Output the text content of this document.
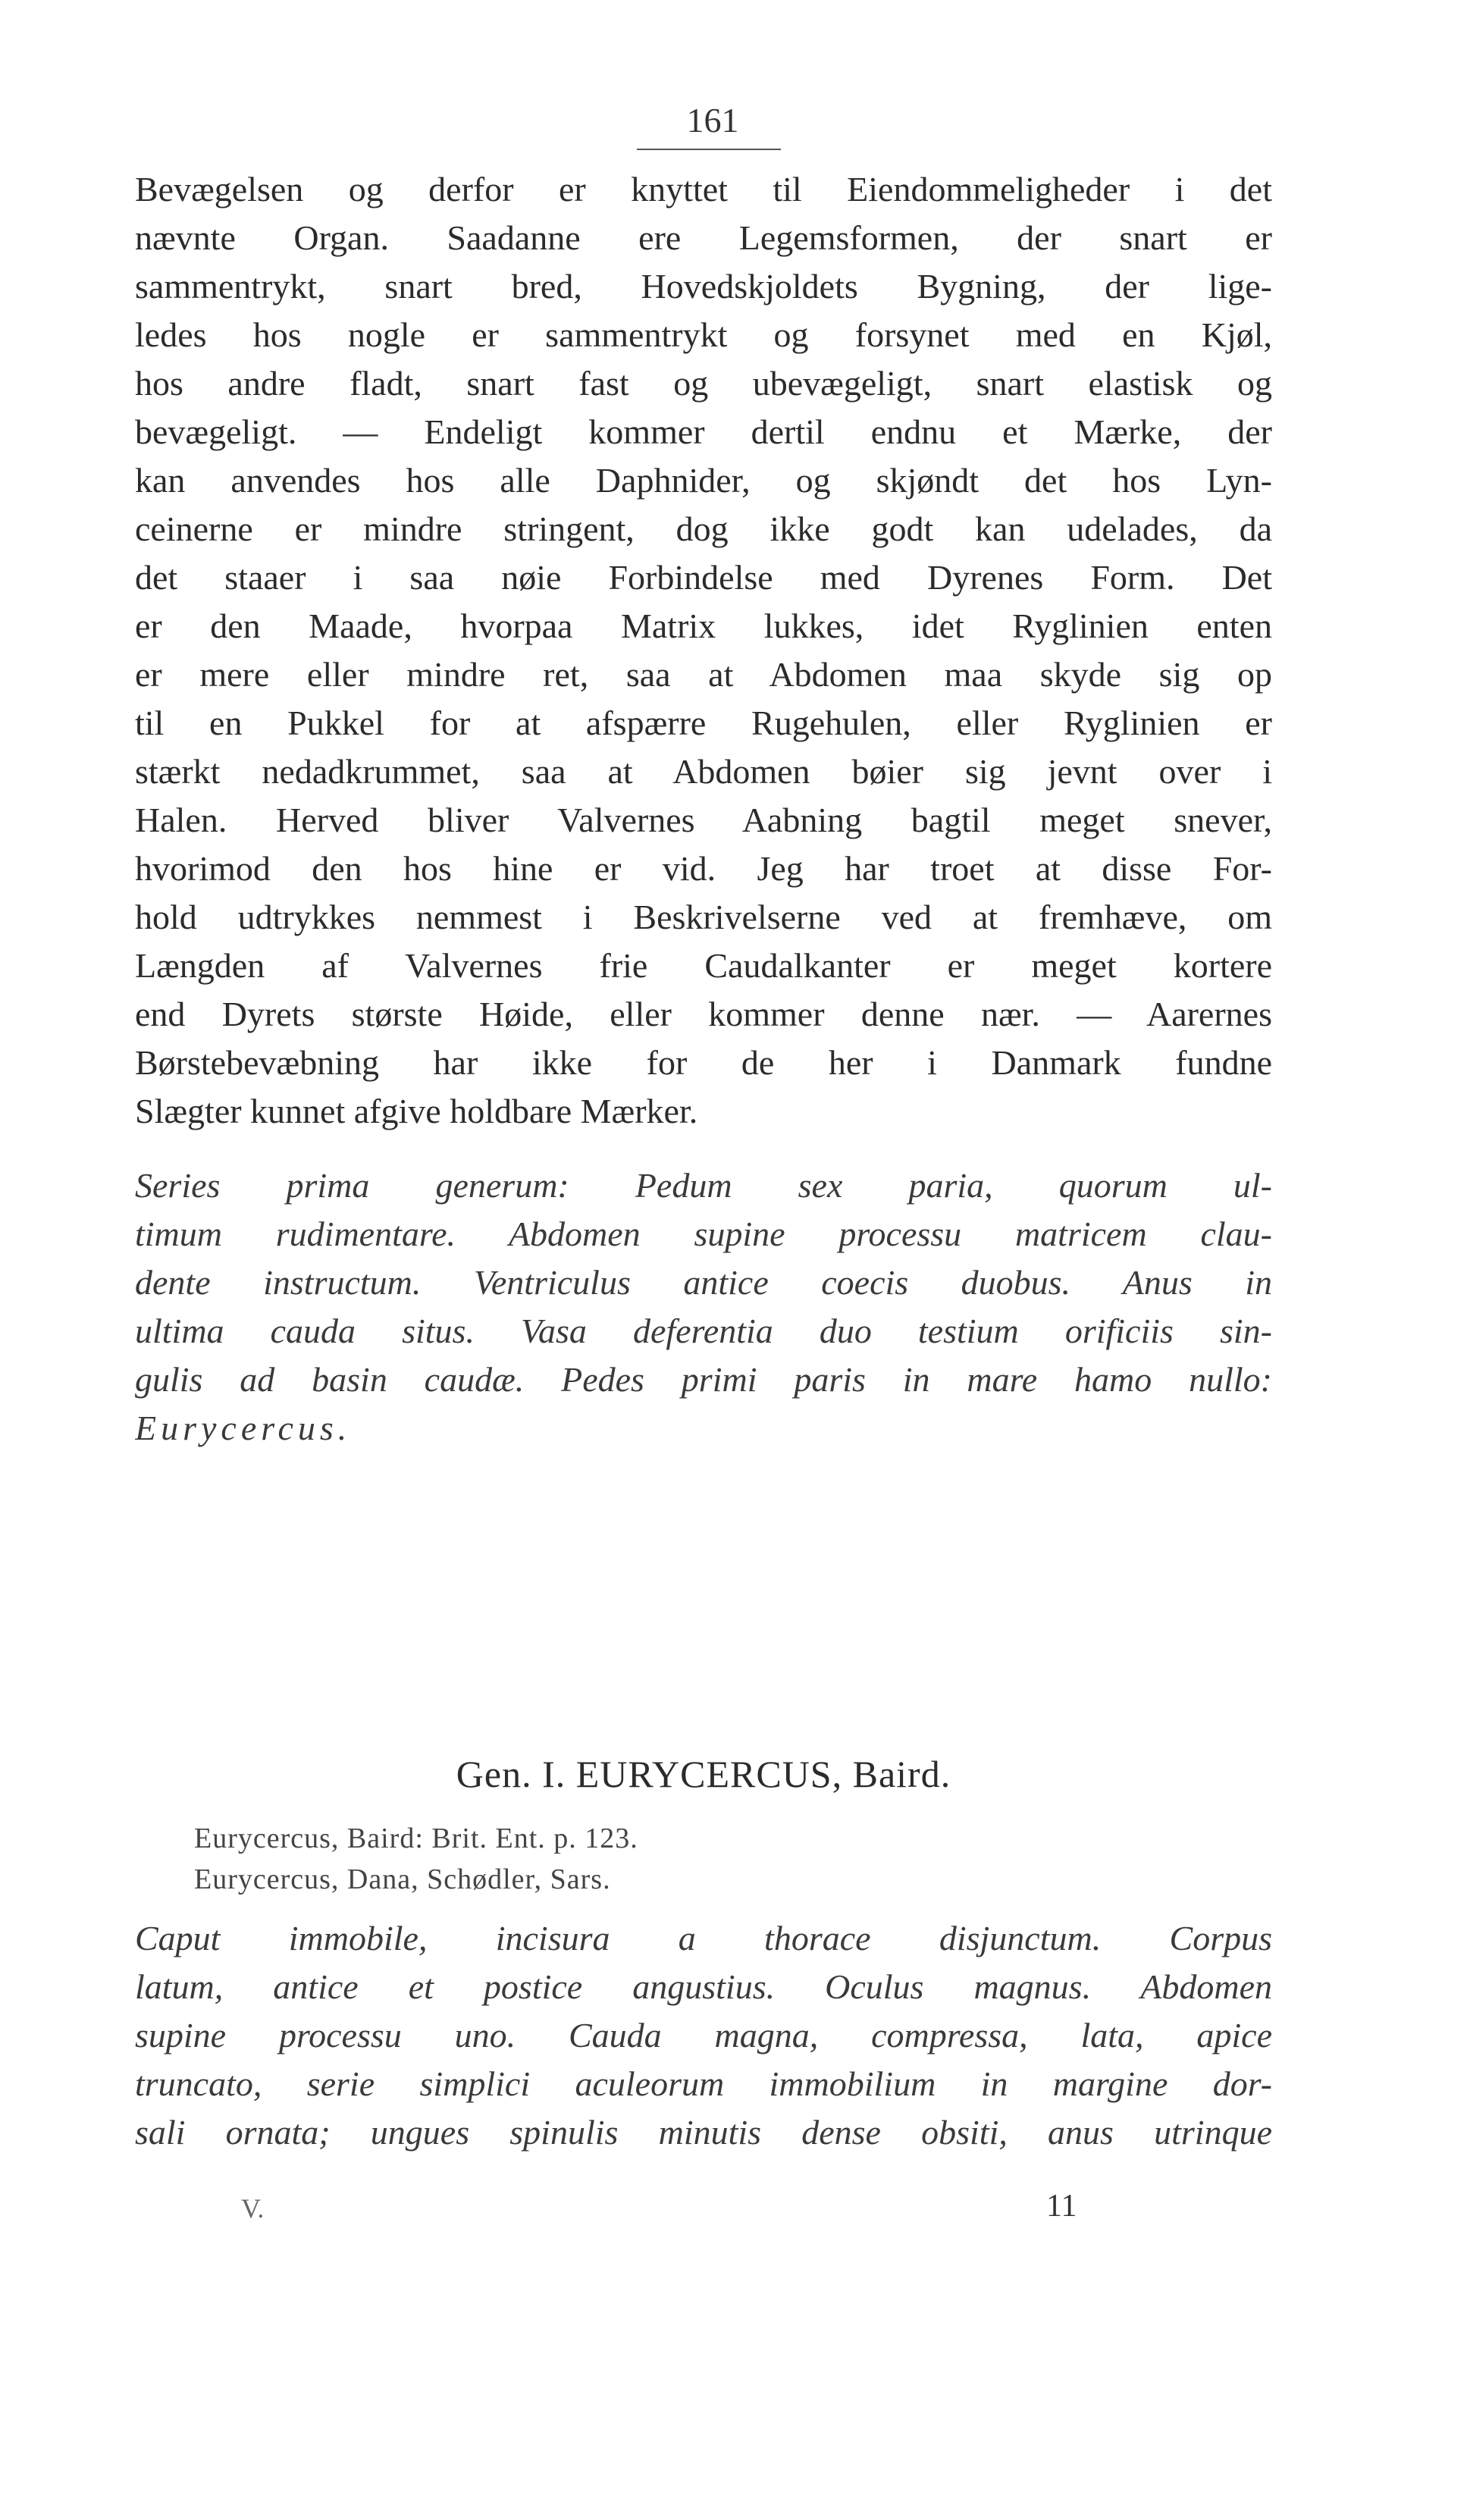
161
Bevægelsen og derfor er knyttet til Eiendommeligheder i det
nævnte Organ. Saadanne ere Legemsformen, der snart er
sammentrykt, snart bred, Hovedskjoldets Bygning, der lige-
ledes hos nogle er sammentrykt og forsynet med en Kjøl,
hos andre fladt, snart fast og ubevægeligt, snart elastisk og
bevægeligt. — Endeligt kommer dertil endnu et Mærke, der
kan anvendes hos alle Daphnider, og skjøndt det hos Lyn-
ceinerne er mindre stringent, dog ikke godt kan udelades, da
det staaer i saa nøie Forbindelse med Dyrenes Form. Det
er den Maade, hvorpaa Matrix lukkes, idet Ryglinien enten
er mere eller mindre ret, saa at Abdomen maa skyde sig op
til en Pukkel for at afspærre Rugehulen, eller Ryglinien er
stærkt nedadkrummet, saa at Abdomen bøier sig jevnt over i
Halen. Herved bliver Valvernes Aabning bagtil meget snever,
hvorimod den hos hine er vid. Jeg har troet at disse For-
hold udtrykkes nemmest i Beskrivelserne ved at fremhæve, om
Længden af Valvernes frie Caudalkanter er meget kortere
end Dyrets største Høide, eller kommer denne nær. — Aarernes
Børstebevæbning har ikke for de her i Danmark fundne
Slægter kunnet afgive holdbare Mærker.
Series prima generum: Pedum sex paria, quorum ul-
timum rudimentare. Abdomen supine processu matricem clau-
dente instructum. Ventriculus antice coecis duobus. Anus in
ultima cauda situs. Vasa deferentia duo testium orificiis sin-
gulis ad basin caudæ. Pedes primi paris in mare hamo nullo:
Eurycercus.
Gen. I. EURYCERCUS, Baird.
Eurycercus, Baird: Brit. Ent. p. 123.
Eurycercus, Dana, Schødler, Sars.
Caput immobile, incisura a thorace disjunctum. Corpus
latum, antice et postice angustius. Oculus magnus. Abdomen
supine processu uno. Cauda magna, compressa, lata, apice
truncato, serie simplici aculeorum immobilium in margine dor-
sali ornata; ungues spinulis minutis dense obsiti, anus utrinque
V.	11
